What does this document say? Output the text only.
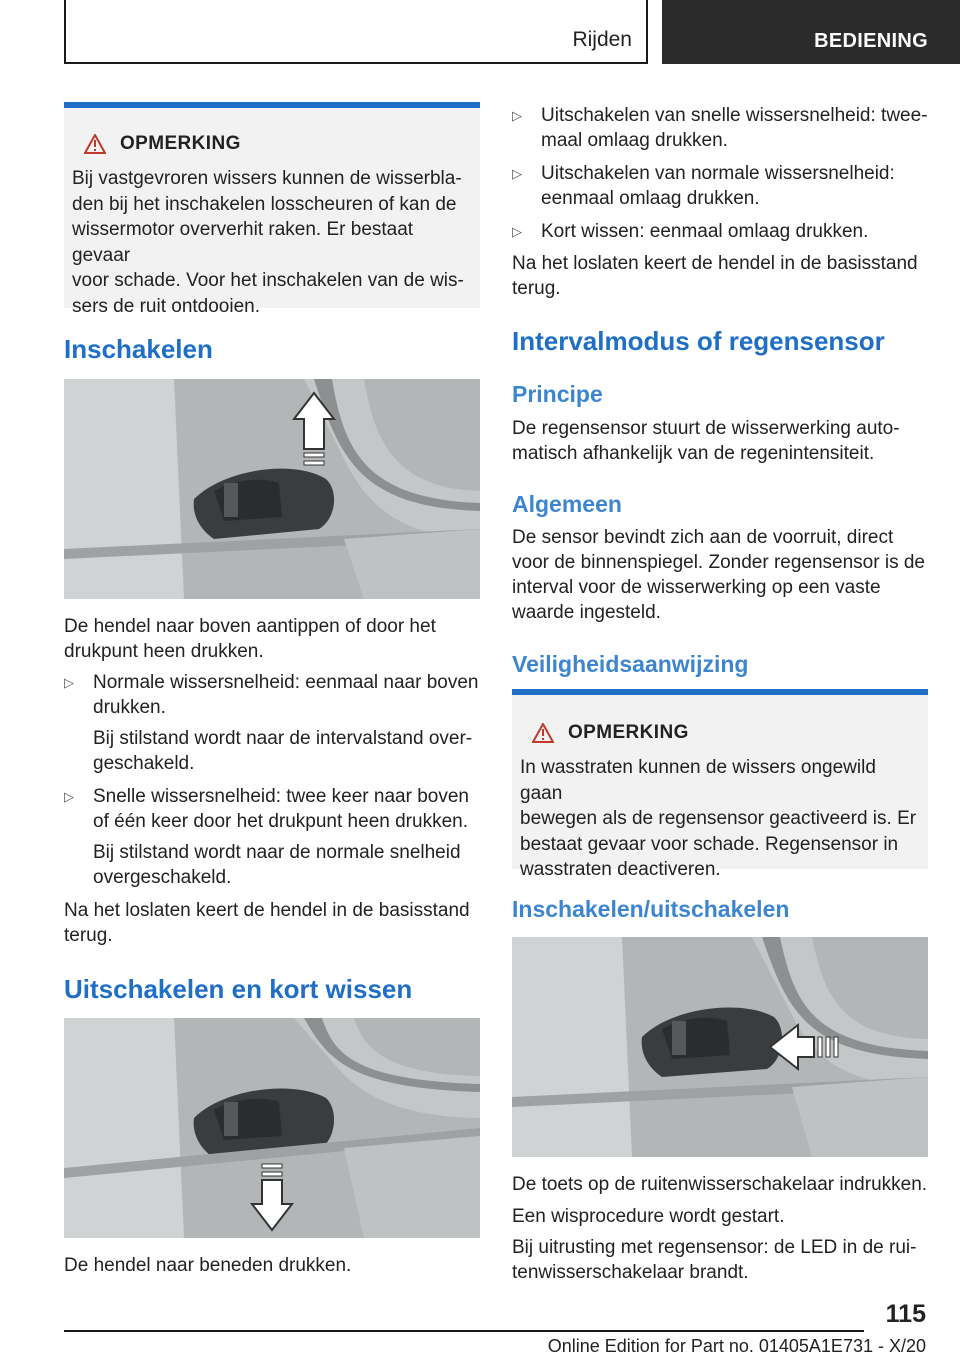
Rijden	BEDIENING
OPMERKING
Bij vastgevroren wissers kunnen de wisserbla-
den bij het inschakelen losscheuren of kan de
wissermotor oververhit raken. Er bestaat gevaar
voor schade. Voor het inschakelen van de wis-
sers de ruit ontdooien.
Inschakelen
De hendel naar boven aantippen of door het
drukpunt heen drukken.
▷ Normale wissersnelheid: eenmaal naar boven
drukken.
Bij stilstand wordt naar de intervalstand over-
geschakeld.
▷ Snelle wissersnelheid: twee keer naar boven
of één keer door het drukpunt heen drukken.
Bij stilstand wordt naar de normale snelheid
overgeschakeld.
Na het loslaten keert de hendel in de basisstand
terug.
Uitschakelen en kort wissen
De hendel naar beneden drukken.
▷ Uitschakelen van snelle wissersnelheid: twee-
maal omlaag drukken.
▷ Uitschakelen van normale wissersnelheid:
eenmaal omlaag drukken.
▷ Kort wissen: eenmaal omlaag drukken.
Na het loslaten keert de hendel in de basisstand
terug.
Intervalmodus of regensensor
Principe
De regensensor stuurt de wisserwerking auto-
matisch afhankelijk van de regenintensiteit.
Algemeen
De sensor bevindt zich aan de voorruit, direct
voor de binnenspiegel. Zonder regensensor is de
interval voor de wisserwerking op een vaste
waarde ingesteld.
Veiligheidsaanwijzing
OPMERKING
In wasstraten kunnen de wissers ongewild gaan
bewegen als de regensensor geactiveerd is. Er
bestaat gevaar voor schade. Regensensor in
wasstraten deactiveren.
Inschakelen/uitschakelen
De toets op de ruitenwisserschakelaar indrukken.
Een wisprocedure wordt gestart.
Bij uitrusting met regensensor: de LED in de rui-
tenwisserschakelaar brandt.
115
Online Edition for Part no. 01405A1E731 - X/20
